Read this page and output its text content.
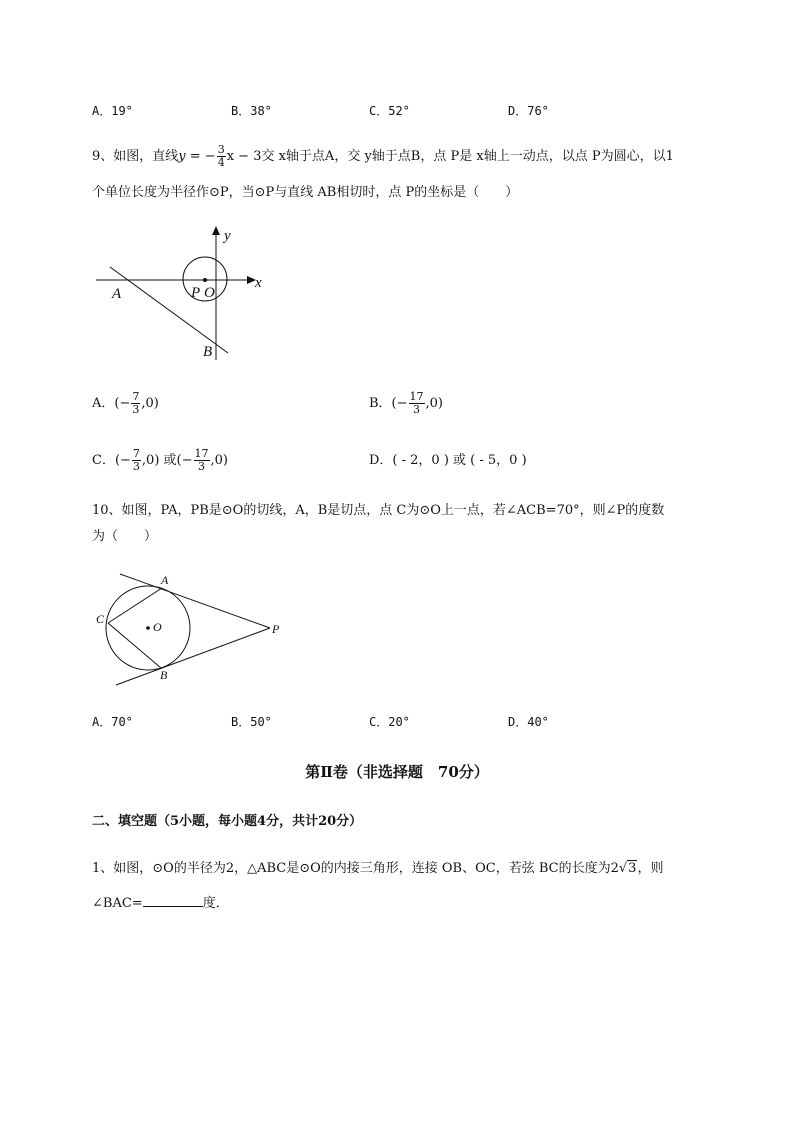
A．19°	B．38°	C．52°	D．76°
9、如图，直线y = − $\frac{3}{4}$ x − 3交 x轴于点A，交 y轴于点B，点 P是 x轴上一动点，以点 P为圆心，以1
个单位长度为半径作⊙P，当⊙P与直线 AB相切时，点 P的坐标是（　　）
y
x
A
B
P O
A．(− $\frac{7}{3} ,0$)	B．(− $\frac{17}{3} ,0$)
C．(− $\frac{7}{3} ,0$) 或(− $\frac{17}{3} ,0$)	D．( - 2，0 ) 或 ( - 5，0 )
10、如图，PA，PB是⊙O的切线，A，B是切点，点 C为⊙O上一点，若∠ACB=70°，则∠P的度数
为（　　）
A
B
C
O	P
A．70°	B．50°	C．20°	D．40°
第Ⅱ卷（非选择题　70分）
二、填空题（5小题，每小题4分，共计20分）
1、如图，⊙O的半径为2，△ABC是⊙O的内接三角形，连接 OB、OC，若弦 BC的长度为2√3，则
∠BAC=	度．
